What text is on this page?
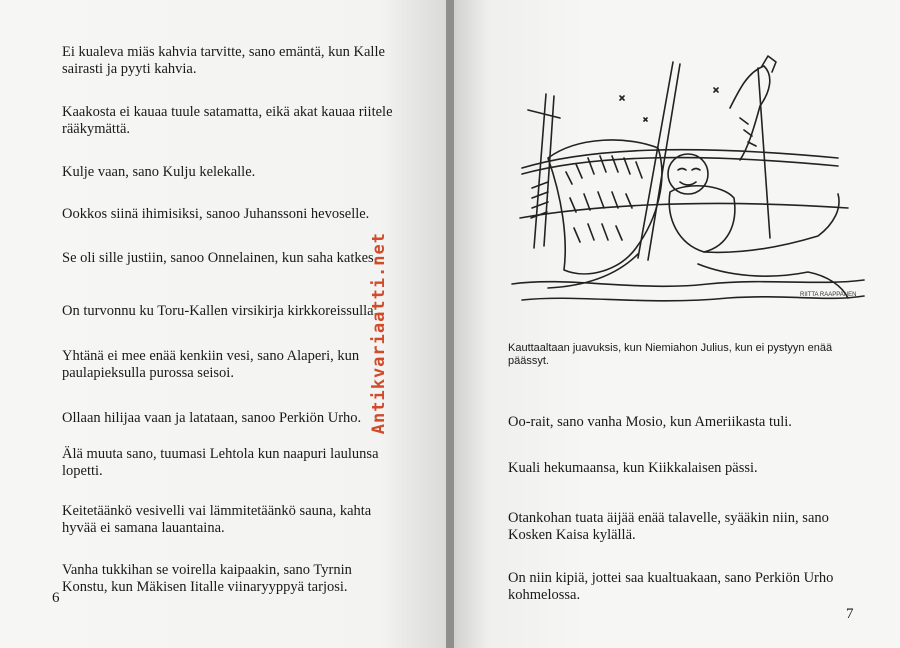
Ei kualeva miäs kahvia tarvitte, sano emäntä, kun Kalle sairasti ja pyyti kahvia.

Kaakosta ei kauaa tuule satamatta, eikä akat kauaa riitele rääkymättä.

Kulje vaan, sano Kulju kelekalle.

Ookkos siinä ihimisiksi, sanoo Juhanssoni hevoselle.

Se oli sille justiin, sanoo Onnelainen, kun saha katkes.

On turvonnu ku Toru-Kallen virsikirja kirkkoreissulla.

Yhtänä ei mee enää kenkiin vesi, sano Alaperi, kun paulapieksulla purossa seisoi.

Ollaan hilijaa vaan ja latataan, sanoo Perkiön Urho.

Älä muuta sano, tuumasi Lehtola kun naapuri laulunsa lopetti.

Keitetäänkö vesivelli vai lämmitetäänkö sauna, kahta hyvää ei samana lauantaina.

Vanha tukkihan se voirella kaipaakin, sano Tyrnin Konstu, kun Mäkisen Iitalle viinaryyppyä tarjosi.

6
Antikvariaatti.net	RIITTA RAAPPANEN

Kauttaaltaan juavuksis, kun Niemiahon Julius, kun ei pystyyn enää päässyt.

Oo-rait, sano vanha Mosio, kun Ameriikasta tuli.

Kuali hekumaansa, kun Kiikkalaisen pässi.

Otankohan tuata äijää enää talavelle, syääkin niin, sano Kosken Kaisa kylällä.

On niin kipiä, jottei saa kualtuakaan, sano Perkiön Urho kohmelossa.

7
